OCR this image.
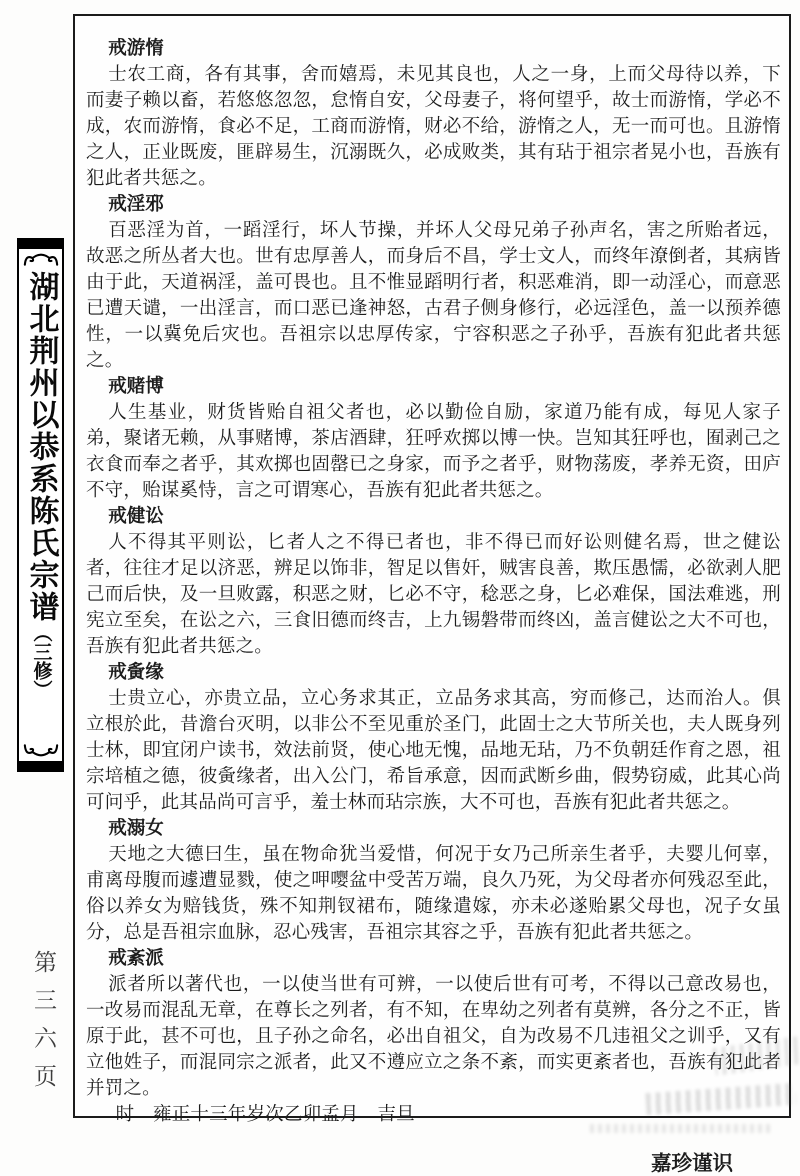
湖北荆州以恭系陈氏宗谱
（三修）
第三六页
戒游惰

士农工商，各有其事，舍而嬉焉，未见其良也，人之一身，上而父母待以养，下而妻子赖以畜，若悠悠忽忽，怠惰自安，父母妻子，将何望乎，故士而游惰，学必不成，农而游惰，食必不足，工商而游惰，财必不给，游惰之人，无一而可也。且游惰之人，正业既废，匪辟易生，沉溺既久，必成败类，其有玷于祖宗者晃小也，吾族有犯此者共惩之。

戒淫邪

百恶淫为首，一蹈淫行，坏人节操，并坏人父母兄弟子孙声名，害之所贻者远，故恶之所丛者大也。世有忠厚善人，而身后不昌，学士文人，而终年潦倒者，其病皆由于此，天道祸淫，盖可畏也。且不惟显蹈明行者，积恶难消，即一动淫心，而意恶已遭天谴，一出淫言，而口恶已逢神怒，古君子侧身修行，必远淫色，盖一以预养德性，一以冀免后灾也。吾祖宗以忠厚传家，宁容积恶之子孙乎，吾族有犯此者共惩之。

戒赌博

人生基业，财货皆贻自祖父者也，必以勤俭自励，家道乃能有成，每见人家子弟，聚诸无赖，从事赌博，茶店酒肆，狂呼欢掷以博一快。岂知其狂呼也，囿剥己之衣食而奉之者乎，其欢掷也固罄已之身家，而予之者乎，财物荡废，孝养无资，田庐不守，贻谋奚恃，言之可谓寒心，吾族有犯此者共惩之。

戒健讼

人不得其平则讼，匕者人之不得已者也，非不得已而好讼则健名焉，世之健讼者，往往才足以济恶，辨足以饰非，智足以售奸，贼害良善，欺压愚懦，必欲剥人肥己而后快，及一旦败露，积恶之财，匕必不守，稔恶之身，匕必难保，国法难逃，刑宪立至矣，在讼之六，三食旧德而终吉，上九锡磐带而终凶，盖言健讼之大不可也，吾族有犯此者共惩之。

戒夤缘

士贵立心，亦贵立品，立心务求其正，立品务求其高，穷而修己，达而治人。俱立根於此，昔澹台灭明，以非公不至见重於圣门，此固士之大节所关也，夫人既身列士林，即宜闭户读书，效法前贤，使心地无愧，品地无玷，乃不负朝廷作育之恩，祖宗培植之德，彼夤缘者，出入公门，希旨承意，因而武断乡曲，假势窃威，此其心尚可问乎，此其品尚可言乎，羞士林而玷宗族，大不可也，吾族有犯此者共惩之。

戒溺女

天地之大德曰生，虽在物命犹当爱惜，何况于女乃己所亲生者乎，夫婴儿何辜，甫离母腹而遽遭显戮，使之呷嘤盆中受苦万端，良久乃死，为父母者亦何残忍至此，俗以养女为赔钱货，殊不知荆钗裙布，随缘遣嫁，亦未必遂贻累父母也，况子女虽分，总是吾祖宗血脉，忍心残害，吾祖宗其容之乎，吾族有犯此者共惩之。

戒紊派

派者所以著代也，一以使当世有可辨，一以使后世有可考，不得以己意改易也，一改易而混乱无章，在尊长之列者，有不知，在卑幼之列者有莫辨，各分之不正，皆原于此，甚不可也，且子孙之命名，必出自祖父，自为改易不几违祖父之训乎，又有立他姓子，而混同宗之派者，此又不遵应立之条不紊，而实更紊者也，吾族有犯此者并罚之。

时　雍正十三年岁次乙卯孟月　吉旦
嘉珍谨识
